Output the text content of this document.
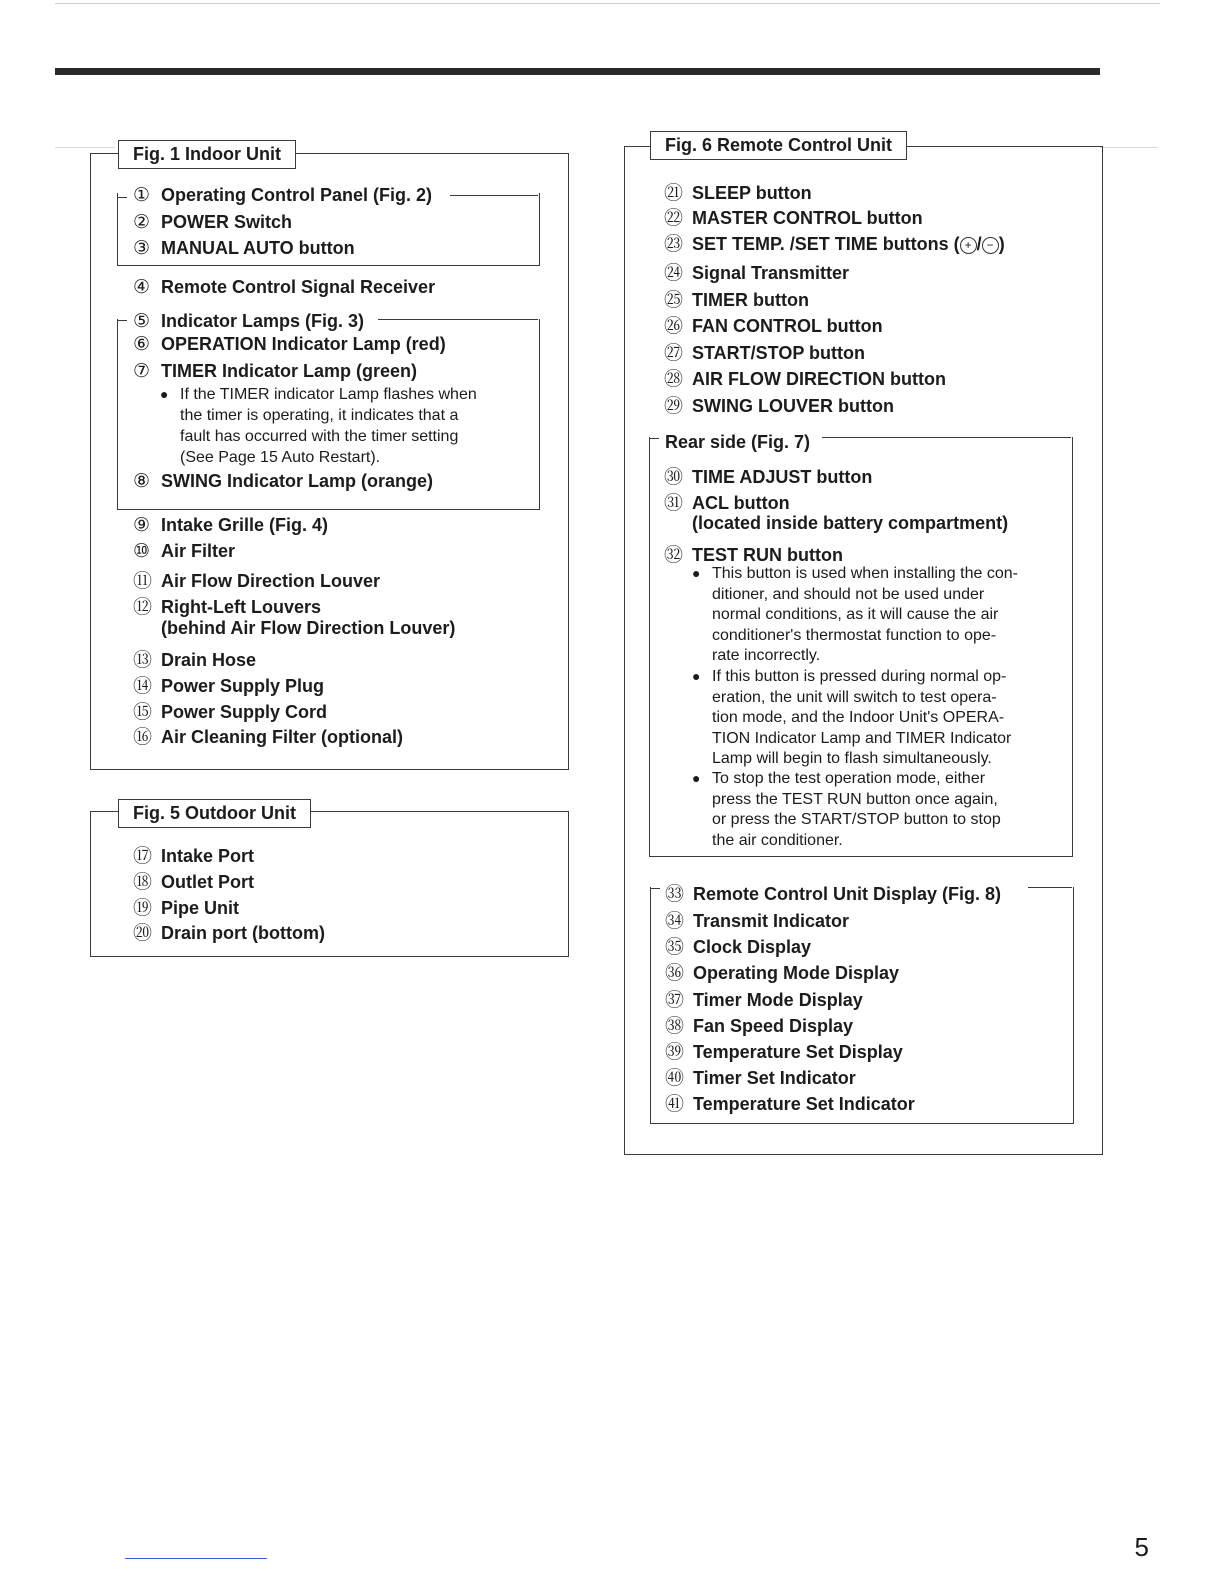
Fig. 1 Indoor Unit
① Operating Control Panel (Fig. 2)
② POWER Switch
③ MANUAL AUTO button
④ Remote Control Signal Receiver
⑤ Indicator Lamps (Fig. 3)
⑥ OPERATION Indicator Lamp (red)
⑦ TIMER Indicator Lamp (green)
● If the TIMER indicator Lamp flashes when
the timer is operating, it indicates that a
fault has occurred with the timer setting
(See Page 15 Auto Restart).
⑧ SWING Indicator Lamp (orange)
⑨ Intake Grille (Fig. 4)
⑩ Air Filter
⑪ Air Flow Direction Louver
⑫ Right-Left Louvers
(behind Air Flow Direction Louver)
⑬ Drain Hose
⑭ Power Supply Plug
⑮ Power Supply Cord
⑯ Air Cleaning Filter (optional)
Fig. 5 Outdoor Unit
⑰ Intake Port
⑱ Outlet Port
⑲ Pipe Unit
⑳ Drain port (bottom)
Fig. 6 Remote Control Unit
㉑ SLEEP button
㉒ MASTER CONTROL button
㉓ SET TEMP. /SET TIME buttons ( + / − )
㉔ Signal Transmitter
㉕ TIMER button
㉖ FAN CONTROL button
㉗ START/STOP button
㉘ AIR FLOW DIRECTION button
㉙ SWING LOUVER button
Rear side (Fig. 7)
㉚ TIME ADJUST button
㉛ ACL button
(located inside battery compartment)
㉜ TEST RUN button
● This button is used when installing the con-
ditioner, and should not be used under
normal conditions, as it will cause the air
conditioner's thermostat function to ope-
rate incorrectly.
● If this button is pressed during normal op-
eration, the unit will switch to test opera-
tion mode, and the Indoor Unit's OPERA-
TION Indicator Lamp and TIMER Indicator
Lamp will begin to flash simultaneously.
● To stop the test operation mode, either
press the TEST RUN button once again,
or press the START/STOP button to stop
the air conditioner.
㉝ Remote Control Unit Display (Fig. 8)
㉞ Transmit Indicator
㉟ Clock Display
㊱ Operating Mode Display
㊲ Timer Mode Display
㊳ Fan Speed Display
㊴ Temperature Set Display
㊵ Timer Set Indicator
㊶ Temperature Set Indicator
5
